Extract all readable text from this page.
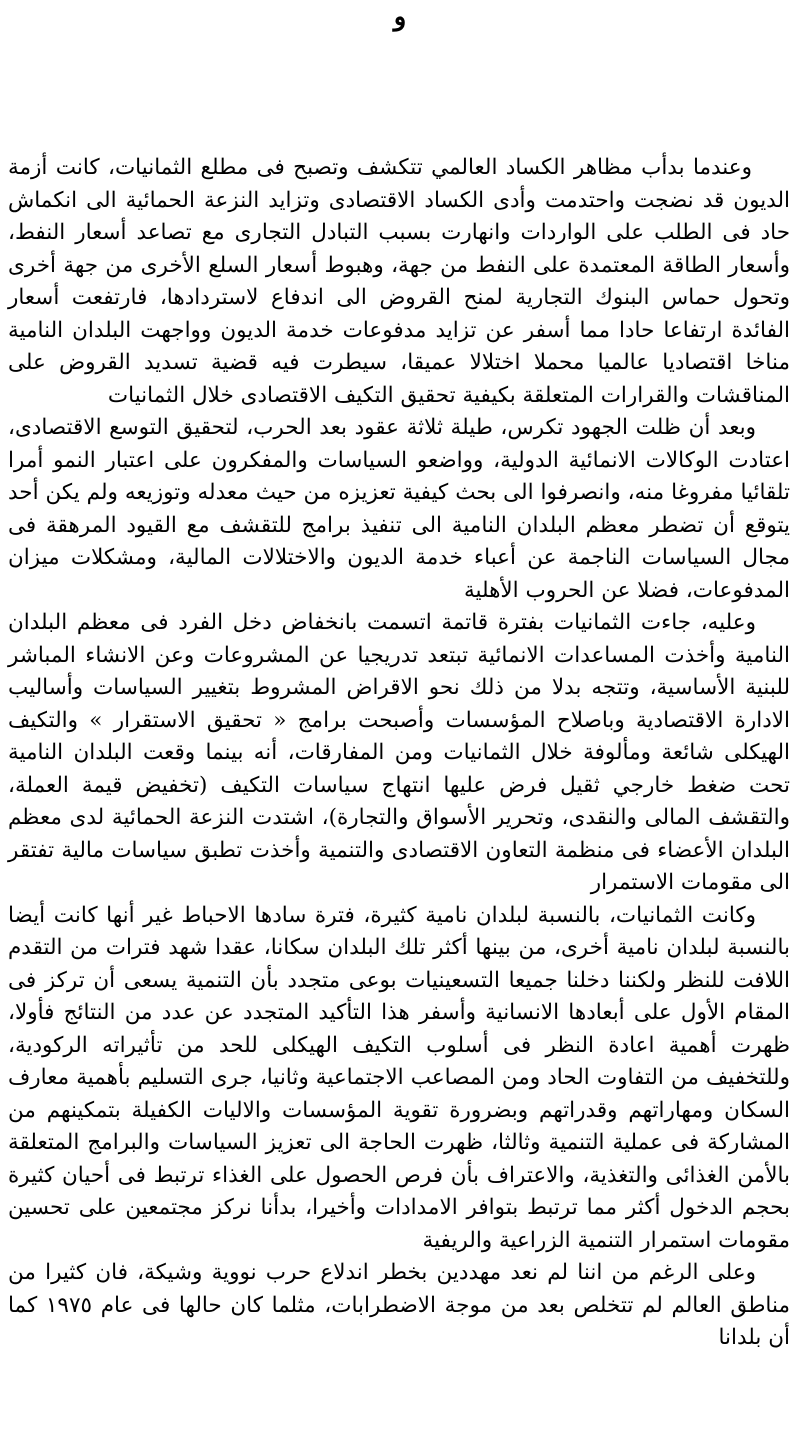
و

وعندما بدأب مظاهر الكساد العالمي تتكشف وتصبح فى مطلع الثمانيات، كانت أزمة الديون قد نضجت واحتدمت وأدى الكساد الاقتصادى وتزايد النزعة الحمائية الى انكماش حاد فى الطلب على الواردات وانهارت بسبب التبادل التجارى مع تصاعد أسعار النفط، وأسعار الطاقة المعتمدة على النفط من جهة، وهبوط أسعار السلع الأخرى من جهة أخرى وتحول حماس البنوك التجارية لمنح القروض الى اندفاع لاستردادها، فارتفعت أسعار الفائدة ارتفاعا حادا مما أسفر عن تزايد مدفوعات خدمة الديون وواجهت البلدان النامية مناخا اقتصاديا عالميا محملا اختلالا عميقا، سيطرت فيه قضية تسديد القروض على المناقشات والقرارات المتعلقة بكيفية تحقيق التكيف الاقتصادى خلال الثمانيات

وبعد أن ظلت الجهود تكرس، طيلة ثلاثة عقود بعد الحرب، لتحقيق التوسع الاقتصادى، اعتادت الوكالات الانمائية الدولية، وواضعو السياسات والمفكرون على اعتبار النمو أمرا تلقائيا مفروغا منه، وانصرفوا الى بحث كيفية تعزيزه من حيث معدله وتوزيعه ولم يكن أحد يتوقع أن تضطر معظم البلدان النامية الى تنفيذ برامج للتقشف مع القيود المرهقة فى مجال السياسات الناجمة عن أعباء خدمة الديون والاختلالات المالية، ومشكلات ميزان المدفوعات، فضلا عن الحروب الأهلية

وعليه، جاءت الثمانيات بفترة قاتمة اتسمت بانخفاض دخل الفرد فى معظم البلدان النامية وأخذت المساعدات الانمائية تبتعد تدريجيا عن المشروعات وعن الانشاء المباشر للبنية الأساسية، وتتجه بدلا من ذلك نحو الاقراض المشروط بتغيير السياسات وأساليب الادارة الاقتصادية وباصلاح المؤسسات وأصبحت برامج « تحقيق الاستقرار » والتكيف الهيكلى شائعة ومألوفة خلال الثمانيات ومن المفارقات، أنه بينما وقعت البلدان النامية تحت ضغط خارجي ثقيل فرض عليها انتهاج سياسات التكيف (تخفيض قيمة العملة، والتقشف المالى والنقدى، وتحرير الأسواق والتجارة)، اشتدت النزعة الحمائية لدى معظم البلدان الأعضاء فى منظمة التعاون الاقتصادى والتنمية وأخذت تطبق سياسات مالية تفتقر الى مقومات الاستمرار

وكانت الثمانيات، بالنسبة لبلدان نامية كثيرة، فترة سادها الاحباط غير أنها كانت أيضا بالنسبة لبلدان نامية أخرى، من بينها أكثر تلك البلدان سكانا، عقدا شهد فترات من التقدم اللافت للنظر ولكننا دخلنا جميعا التسعينيات بوعى متجدد بأن التنمية يسعى أن تركز فى المقام الأول على أبعادها الانسانية وأسفر هذا التأكيد المتجدد عن عدد من النتائج فأولا، ظهرت أهمية اعادة النظر فى أسلوب التكيف الهيكلى للحد من تأثيراته الركودية، وللتخفيف من التفاوت الحاد ومن المصاعب الاجتماعية وثانيا، جرى التسليم بأهمية معارف السكان ومهاراتهم وقدراتهم وبضرورة تقوية المؤسسات والاليات الكفيلة بتمكينهم من المشاركة فى عملية التنمية وثالثا، ظهرت الحاجة الى تعزيز السياسات والبرامج المتعلقة بالأمن الغذائى والتغذية، والاعتراف بأن فرص الحصول على الغذاء ترتبط فى أحيان كثيرة بحجم الدخول أكثر مما ترتبط بتوافر الامدادات وأخيرا، بدأنا نركز مجتمعين على تحسين مقومات استمرار التنمية الزراعية والريفية

وعلى الرغم من اننا لم نعد مهددين بخطر اندلاع حرب نووية وشيكة، فان كثيرا من مناطق العالم لم تتخلص بعد من موجة الاضطرابات، مثلما كان حالها فى عام ١٩٧٥ كما أن بلدانا
